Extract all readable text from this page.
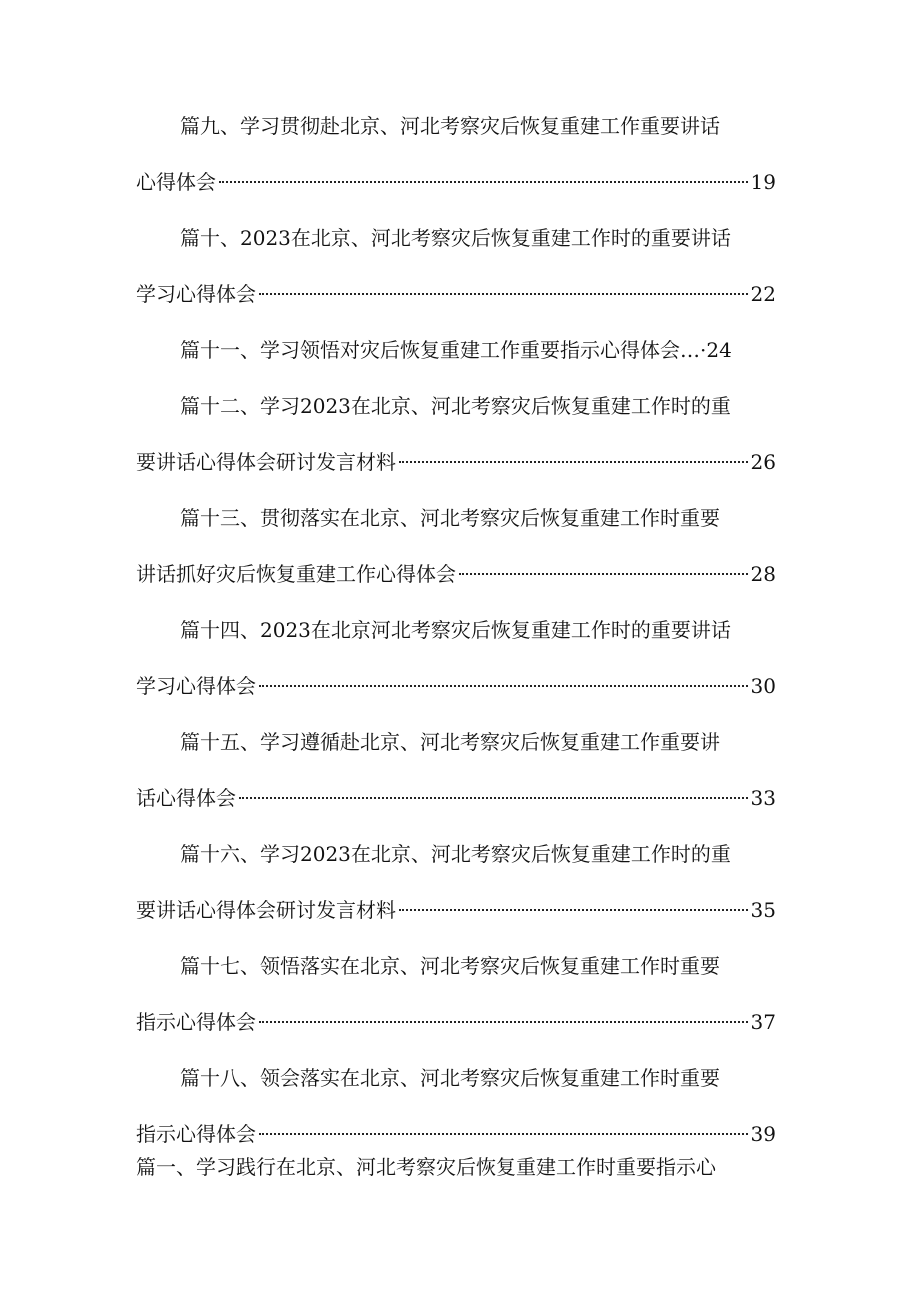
篇九、学习贯彻赴北京、河北考察灾后恢复重建工作重要讲话
心得体会	19
篇十、2023在北京、河北考察灾后恢复重建工作时的重要讲话
学习心得体会	22
篇十一、学习领悟对灾后恢复重建工作重要指示心得体会…·24
篇十二、学习2023在北京、河北考察灾后恢复重建工作时的重
要讲话心得体会研讨发言材料	26
篇十三、贯彻落实在北京、河北考察灾后恢复重建工作时重要
讲话抓好灾后恢复重建工作心得体会	28
篇十四、2023在北京河北考察灾后恢复重建工作时的重要讲话
学习心得体会	30
篇十五、学习遵循赴北京、河北考察灾后恢复重建工作重要讲
话心得体会	33
篇十六、学习2023在北京、河北考察灾后恢复重建工作时的重
要讲话心得体会研讨发言材料	35
篇十七、领悟落实在北京、河北考察灾后恢复重建工作时重要
指示心得体会	37
篇十八、领会落实在北京、河北考察灾后恢复重建工作时重要
指示心得体会	39
篇一、学习践行在北京、河北考察灾后恢复重建工作时重要指示心
